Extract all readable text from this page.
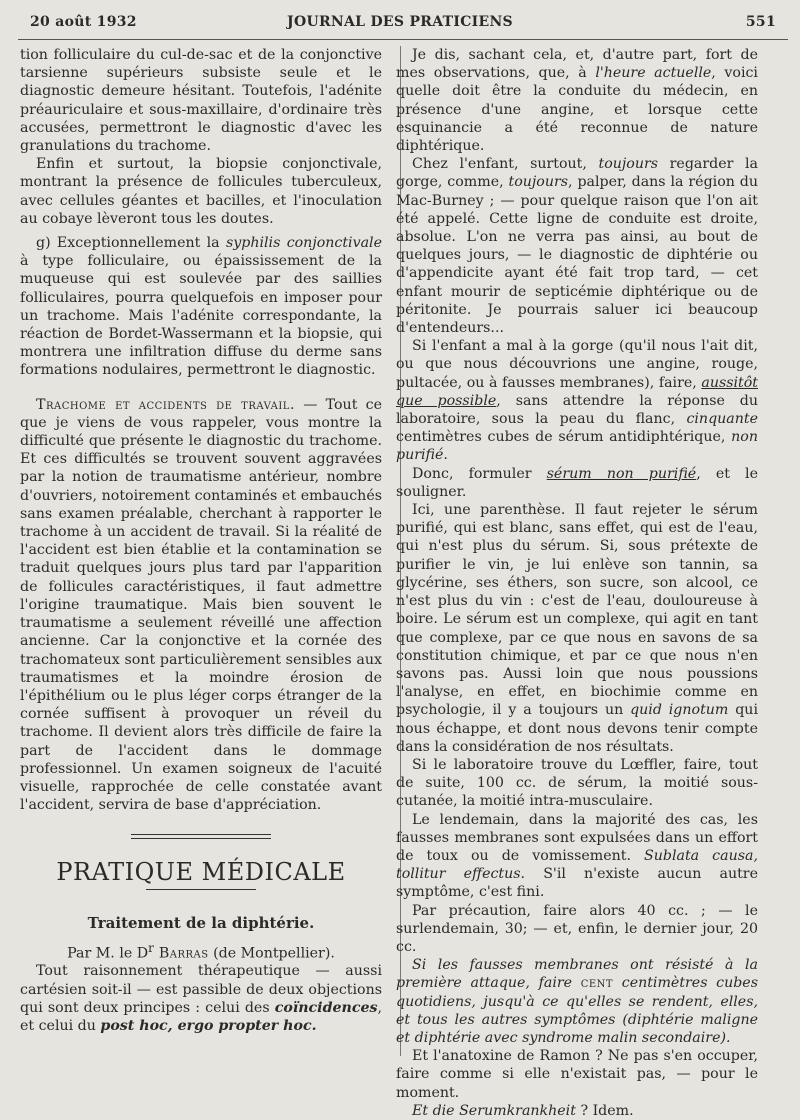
JOURNAL DES PRATICIENS
20 août 1932	551

tion folliculaire du cul-de-sac et de la conjonctive tarsienne supérieurs subsiste seule et le diagnostic demeure hésitant. Toutefois, l'adénite préauriculaire et sous-maxillaire, d'ordinaire très accusées, permettront le diagnostic d'avec les granulations du trachome.

Enfin et surtout, la biopsie conjonctivale, montrant la présence de follicules tuberculeux, avec cellules géantes et bacilles, et l'inoculation au cobaye lèveront tous les doutes.

g) Exceptionnellement la syphilis conjonctivale à type folliculaire, ou épaississement de la muqueuse qui est soulevée par des saillies folliculaires, pourra quelquefois en imposer pour un trachome. Mais l'adénite correspondante, la réaction de Bordet-Wassermann et la biopsie, qui montrera une infiltration diffuse du derme sans formations nodulaires, permettront le diagnostic.

Trachome et accidents de travail. — Tout ce que je viens de vous rappeler, vous montre la difficulté que présente le diagnostic du trachome. Et ces difficultés se trouvent souvent aggravées par la notion de traumatisme antérieur, nombre d'ouvriers, notoirement contaminés et embauchés sans examen préalable, cherchant à rapporter le trachome à un accident de travail. Si la réalité de l'accident est bien établie et la contamination se traduit quelques jours plus tard par l'apparition de follicules caractéristiques, il faut admettre l'origine traumatique. Mais bien souvent le traumatisme a seulement réveillé une affection ancienne. Car la conjonctive et la cornée des trachomateux sont particulièrement sensibles aux traumatismes et la moindre érosion de l'épithélium ou le plus léger corps étranger de la cornée suffisent à provoquer un réveil du trachome. Il devient alors très difficile de faire la part de l'accident dans le dommage professionnel. Un examen soigneux de l'acuité visuelle, rapprochée de celle constatée avant l'accident, servira de base d'appréciation.

PRATIQUE MÉDICALE
Traitement de la diphtérie.
Par M. le $D^r$ Barras (de Montpellier).

Tout raisonnement thérapeutique — aussi cartésien soit-il — est passible de deux objections qui sont deux principes : celui des coïncidences, et celui du post hoc, ergo propter hoc.

Je dis, sachant cela, et, d'autre part, fort de mes observations, que, à l'heure actuelle, voici quelle doit être la conduite du médecin, en présence d'une angine, et lorsque cette esquinancie a été reconnue de nature diphtérique.

Chez l'enfant, surtout, toujours regarder la gorge, comme, toujours, palper, dans la région du Mac-Burney ; — pour quelque raison que l'on ait été appelé. Cette ligne de conduite est droite, absolue. L'on ne verra pas ainsi, au bout de quelques jours, — le diagnostic de diphtérie ou d'appendicite ayant été fait trop tard, — cet enfant mourir de septicémie diphtérique ou de péritonite. Je pourrais saluer ici beaucoup d'entendeurs...

Si l'enfant a mal à la gorge (qu'il nous l'ait dit, ou que nous découvrions une angine, rouge, pultacée, ou à fausses membranes), faire, aussitôt que possible, sans attendre la réponse du laboratoire, sous la peau du flanc, cinquante centimètres cubes de sérum antidiphtérique, non purifié.

Donc, formuler sérum non purifié, et le souligner.

Ici, une parenthèse. Il faut rejeter le sérum purifié, qui est blanc, sans effet, qui est de l'eau, qui n'est plus du sérum. Si, sous prétexte de purifier le vin, je lui enlève son tannin, sa glycérine, ses éthers, son sucre, son alcool, ce n'est plus du vin : c'est de l'eau, douloureuse à boire. Le sérum est un complexe, qui agit en tant que complexe, par ce que nous en savons de sa constitution chimique, et par ce que nous n'en savons pas. Aussi loin que nous poussions l'analyse, en effet, en biochimie comme en psychologie, il y a toujours un quid ignotum qui nous échappe, et dont nous devons tenir compte dans la considération de nos résultats.

Si le laboratoire trouve du Lœffler, faire, tout de suite, 100 cc. de sérum, la moitié sous-cutanée, la moitié intra-musculaire.

Le lendemain, dans la majorité des cas, les fausses membranes sont expulsées dans un effort de toux ou de vomissement. Sublata causa, tollitur effectus. S'il n'existe aucun autre symptôme, c'est fini.

Par précaution, faire alors 40 cc. ; — le surlendemain, 30; — et, enfin, le dernier jour, 20 cc.

Si les fausses membranes ont résisté à la première attaque, faire cent centimètres cubes quotidiens, jusqu'à ce qu'elles se rendent, elles, et tous les autres symptômes (diphtérie maligne et diphtérie avec syndrome malin secondaire).

Et l'anatoxine de Ramon ? Ne pas s'en occuper, faire comme si elle n'existait pas, — pour le moment.

Et die Serumkrankheit ? Idem.
